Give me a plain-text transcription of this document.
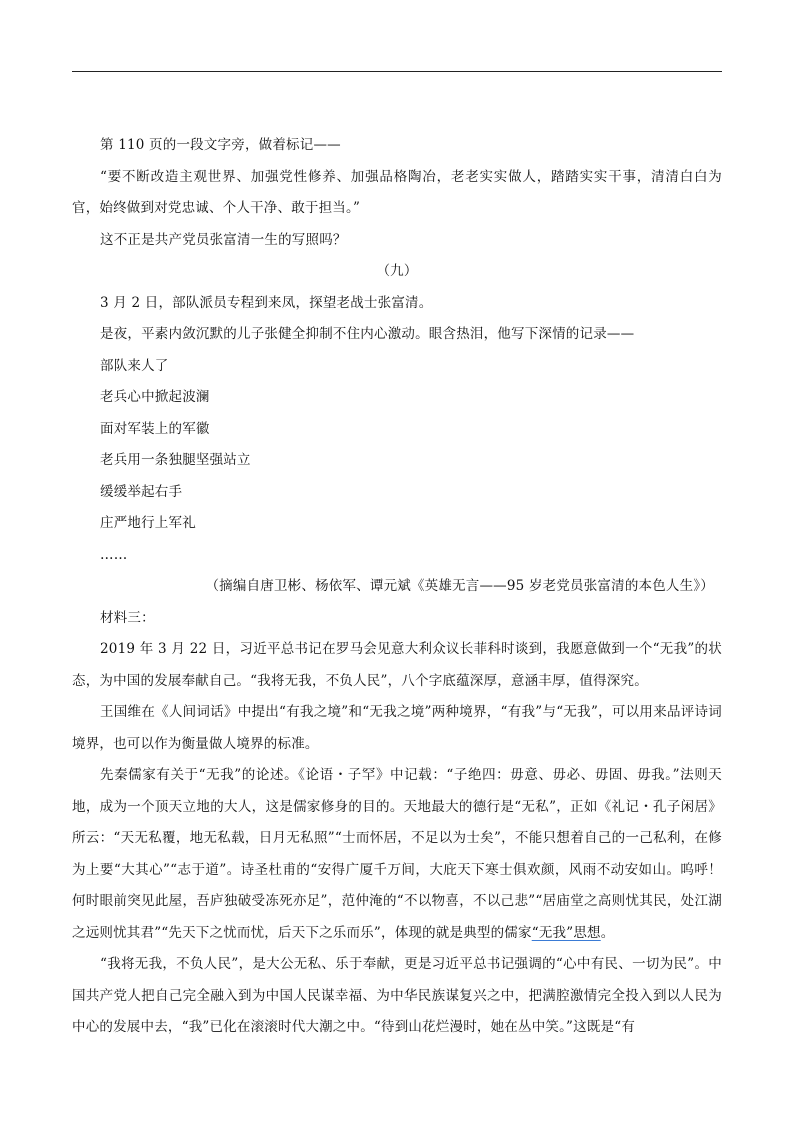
第 110 页的一段文字旁，做着标记——

“要不断改造主观世界、加强党性修养、加强品格陶冶，老老实实做人，踏踏实实干事，清清白白为官，始终做到对党忠诚、个人干净、敢于担当。”

这不正是共产党员张富清一生的写照吗？

（九）

3 月 2 日，部队派员专程到来凤，探望老战士张富清。

是夜，平素内敛沉默的儿子张健全抑制不住内心激动。眼含热泪，他写下深情的记录——

部队来人了

老兵心中掀起波澜

面对军装上的军徽

老兵用一条独腿坚强站立

缓缓举起右手

庄严地行上军礼

……

（摘编自唐卫彬、杨依军、谭元斌《英雄无言——95 岁老党员张富清的本色人生》）

材料三：

2019 年 3 月 22 日，习近平总书记在罗马会见意大利众议长菲科时谈到，我愿意做到一个“无我”的状态，为中国的发展奉献自己。“我将无我，不负人民”，八个字底蕴深厚，意涵丰厚，值得深究。

王国维在《人间词话》中提出“有我之境”和“无我之境”两种境界，“有我”与“无我”，可以用来品评诗词境界，也可以作为衡量做人境界的标准。

先秦儒家有关于“无我”的论述。《论语・子罕》中记载：“子绝四：毋意、毋必、毋固、毋我。”法则天地，成为一个顶天立地的大人，这是儒家修身的目的。天地最大的德行是“无私”，正如《礼记・孔子闲居》所云：“天无私覆，地无私载，日月无私照”“士而怀居，不足以为士矣”，不能只想着自己的一己私利，在修为上要“大其心”“志于道”。诗圣杜甫的“安得广厦千万间，大庇天下寒士俱欢颜，风雨不动安如山。呜呼！何时眼前突见此屋，吾庐独破受冻死亦足”，范仲淹的“不以物喜，不以己悲”“居庙堂之高则忧其民，处江湖之远则忧其君”“先天下之忧而忧，后天下之乐而乐”，体现的就是典型的儒家“无我”思想。

“我将无我，不负人民”，是大公无私、乐于奉献，更是习近平总书记强调的“心中有民、一切为民”。中国共产党人把自己完全融入到为中国人民谋幸福、为中华民族谋复兴之中，把满腔激情完全投入到以人民为中心的发展中去，“我”已化在滚滚时代大潮之中。“待到山花烂漫时，她在丛中笑。”这既是“有
